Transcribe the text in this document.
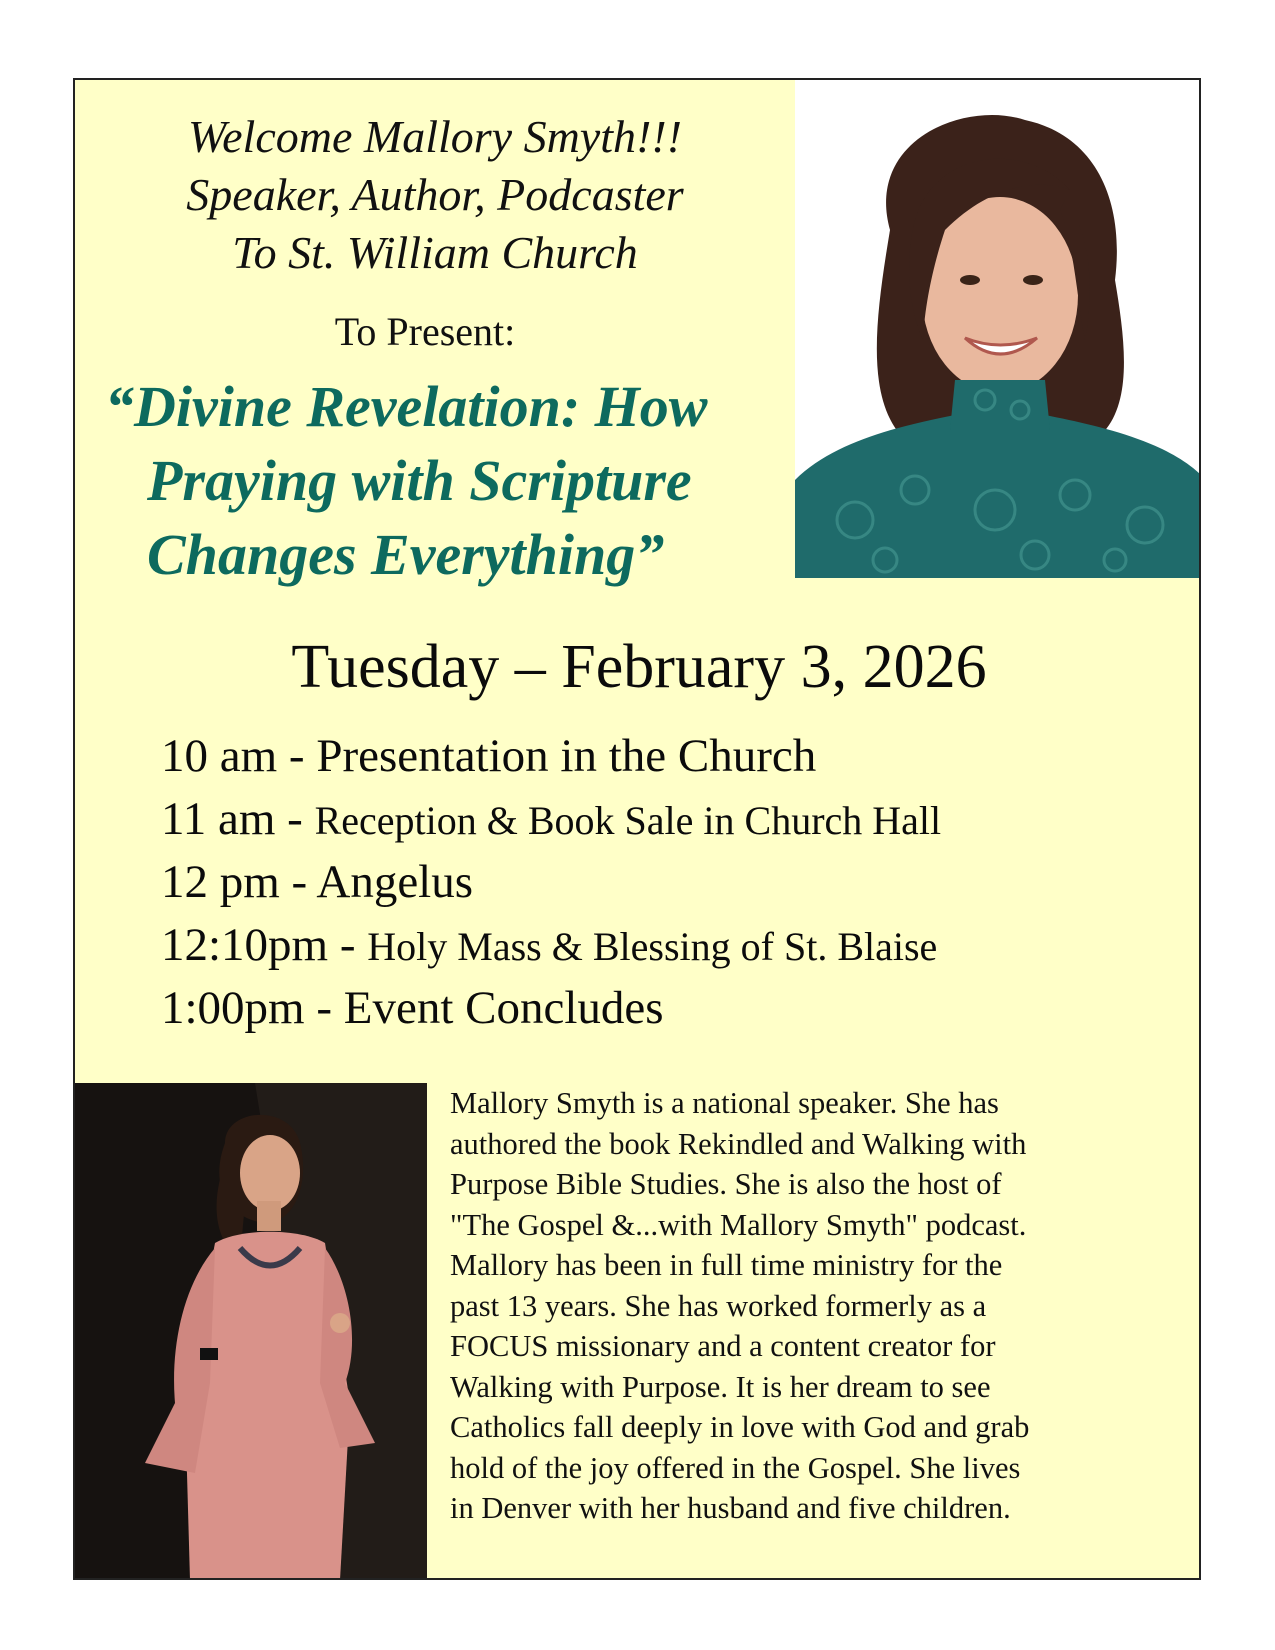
Welcome Mallory Smyth!!!
Speaker, Author, Podcaster
To St. William Church
To Present:
“Divine Revelation: How
Praying with Scripture
Changes Everything”
Tuesday – February 3, 2026
10 am - Presentation in the Church
11 am - Reception & Book Sale in Church Hall
12 pm - Angelus
12:10pm - Holy Mass & Blessing of St. Blaise
1:00pm - Event Concludes
Mallory Smyth is a national speaker. She has
authored the book Rekindled and Walking with
Purpose Bible Studies. She is also the host of
"The Gospel &...with Mallory Smyth" podcast.
Mallory has been in full time ministry for the
past 13 years. She has worked formerly as a
FOCUS missionary and a content creator for
Walking with Purpose. It is her dream to see
Catholics fall deeply in love with God and grab
hold of the joy offered in the Gospel. She lives
in Denver with her husband and five children.
